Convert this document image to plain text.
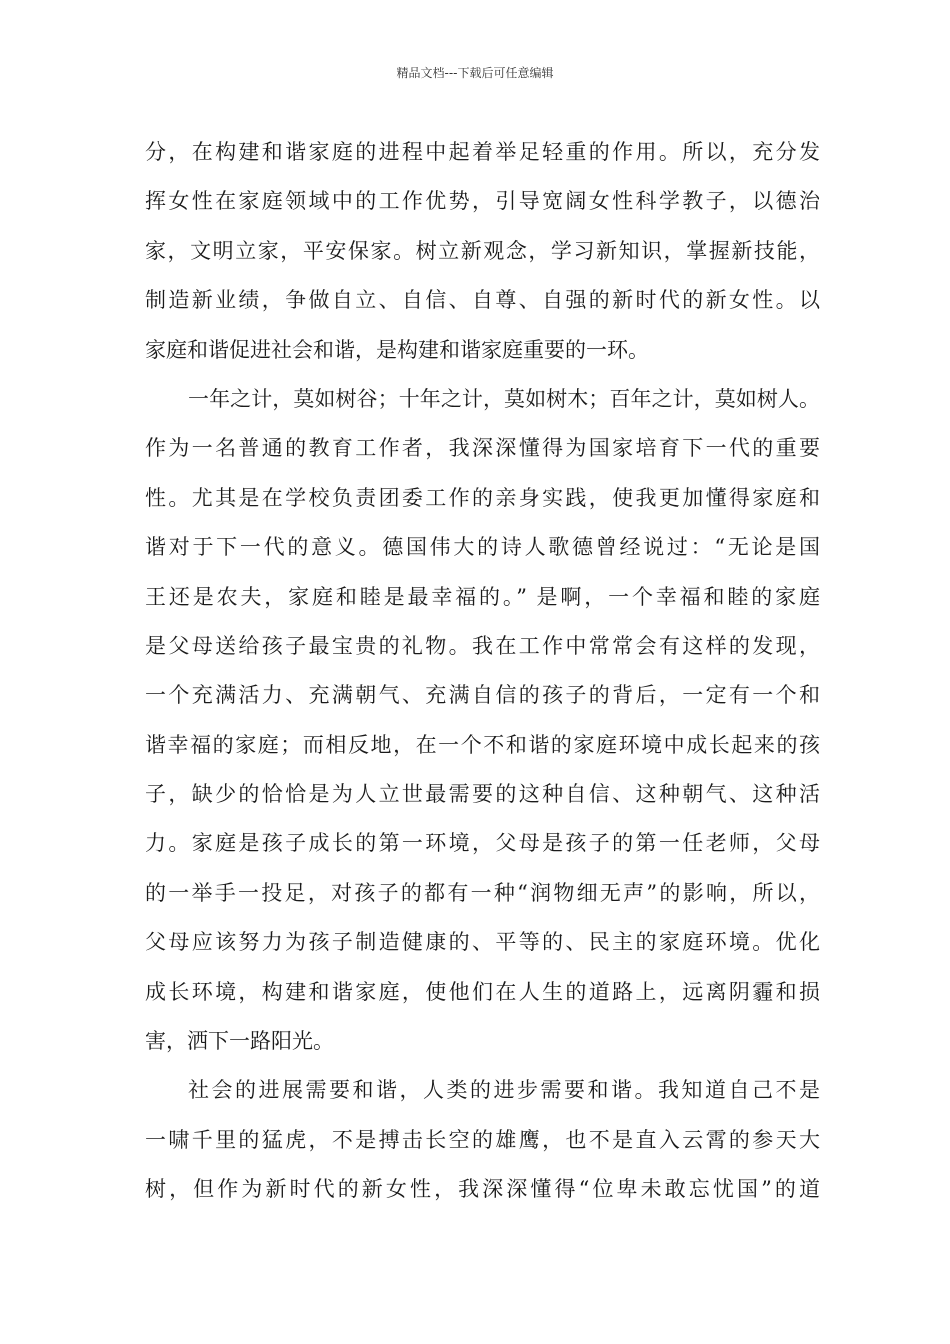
精品文档---下载后可任意编辑
分，在构建和谐家庭的进程中起着举足轻重的作用。所以，充分发
挥女性在家庭领域中的工作优势，引导宽阔女性科学教子，以德治
家，文明立家，平安保家。树立新观念，学习新知识，掌握新技能，
制造新业绩，争做自立、自信、自尊、自强的新时代的新女性。以
家庭和谐促进社会和谐，是构建和谐家庭重要的一环。
一年之计，莫如树谷；十年之计，莫如树木；百年之计，莫如树人。
作为一名普通的教育工作者，我深深懂得为国家培育下一代的重要
性。尤其是在学校负责团委工作的亲身实践，使我更加懂得家庭和
谐对于下一代的意义。德国伟大的诗人歌德曾经说过：“无论是国
王还是农夫，家庭和睦是最幸福的。” 是啊，一个幸福和睦的家庭
是父母送给孩子最宝贵的礼物。我在工作中常常会有这样的发现，
一个充满活力、充满朝气、充满自信的孩子的背后，一定有一个和
谐幸福的家庭；而相反地，在一个不和谐的家庭环境中成长起来的孩
子，缺少的恰恰是为人立世最需要的这种自信、这种朝气、这种活
力。家庭是孩子成长的第一环境，父母是孩子的第一任老师，父母
的一举手一投足，对孩子的都有一种“润物细无声”的影响，所以，
父母应该努力为孩子制造健康的、平等的、民主的家庭环境。优化
成长环境，构建和谐家庭，使他们在人生的道路上，远离阴霾和损
害，洒下一路阳光。
社会的进展需要和谐，人类的进步需要和谐。我知道自己不是
一啸千里的猛虎，不是搏击长空的雄鹰，也不是直入云霄的参天大
树，但作为新时代的新女性，我深深懂得“位卑未敢忘忧国”的道
